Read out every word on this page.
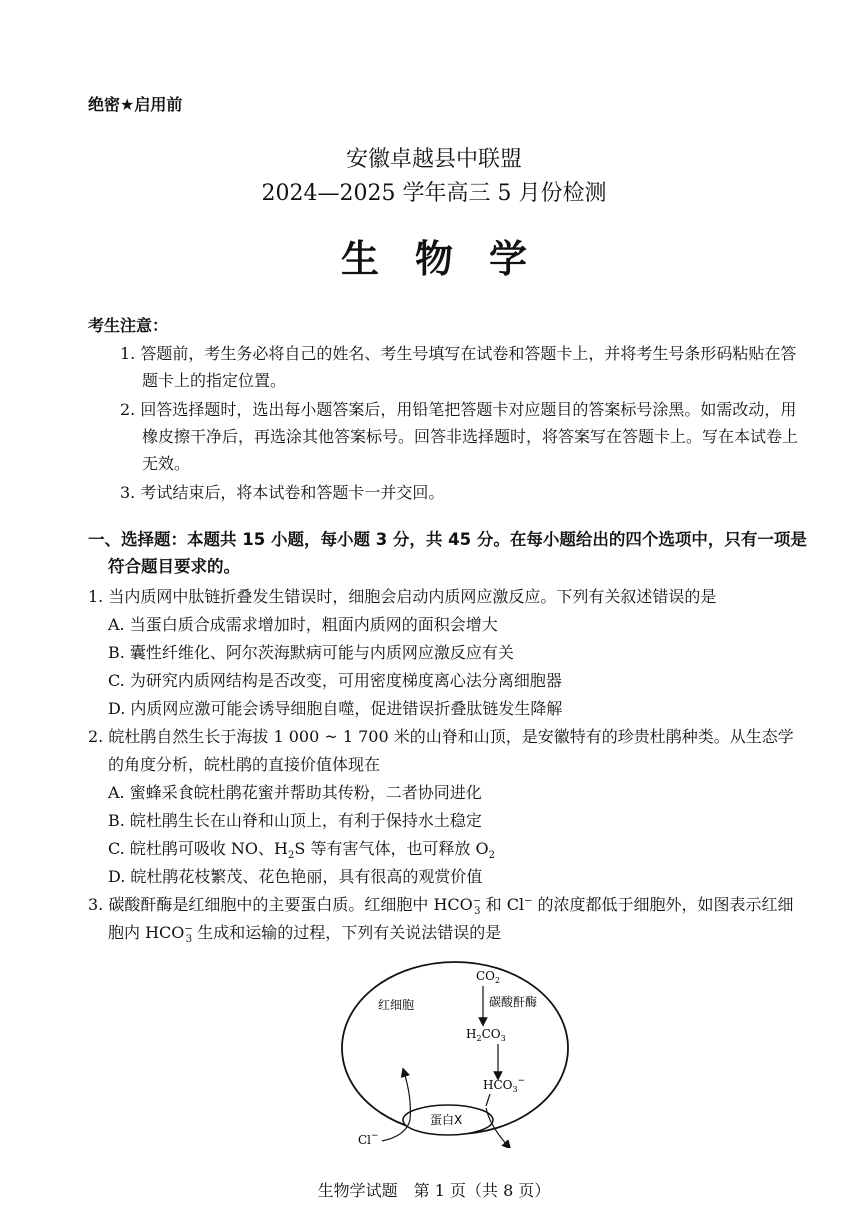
绝密★启用前
安徽卓越县中联盟
2024—2025 学年高三 5 月份检测
生物学
考生注意：
1. 答题前，考生务必将自己的姓名、考生号填写在试卷和答题卡上，并将考生号条形码粘贴在答题卡上的指定位置。
2. 回答选择题时，选出每小题答案后，用铅笔把答题卡对应题目的答案标号涂黑。如需改动，用橡皮擦干净后，再选涂其他答案标号。回答非选择题时，将答案写在答题卡上。写在本试卷上无效。
3. 考试结束后，将本试卷和答题卡一并交回。
一、选择题：本题共 15 小题，每小题 3 分，共 45 分。在每小题给出的四个选项中，只有一项是符合题目要求的。
1. 当内质网中肽链折叠发生错误时，细胞会启动内质网应激反应。下列有关叙述错误的是
A. 当蛋白质合成需求增加时，粗面内质网的面积会增大
B. 囊性纤维化、阿尔茨海默病可能与内质网应激反应有关
C. 为研究内质网结构是否改变，可用密度梯度离心法分离细胞器
D. 内质网应激可能会诱导细胞自噬，促进错误折叠肽链发生降解
2. 皖杜鹃自然生长于海拔 1 000 ~ 1 700 米的山脊和山顶，是安徽特有的珍贵杜鹃种类。从生态学的角度分析，皖杜鹃的直接价值体现在
A. 蜜蜂采食皖杜鹃花蜜并帮助其传粉，二者协同进化
B. 皖杜鹃生长在山脊和山顶上，有利于保持水土稳定
C. 皖杜鹃可吸收 NO、$H_2S$ 等有害气体，也可释放 $O_2$
D. 皖杜鹃花枝繁茂、花色艳丽，具有很高的观赏价值
3. 碳酸酐酶是红细胞中的主要蛋白质。红细胞中 $HCO^-_3$ 和 Cl− 的浓度都低于细胞外，如图表示红细胞内 $HCO^-_3$ 生成和运输的过程，下列有关说法错误的是
红细胞
$CO_2$
碳酸酐酶
$H_2CO_3$
$HCO_3^-$
蛋白X
Cl−
生物学试题　第 1 页（共 8 页）
